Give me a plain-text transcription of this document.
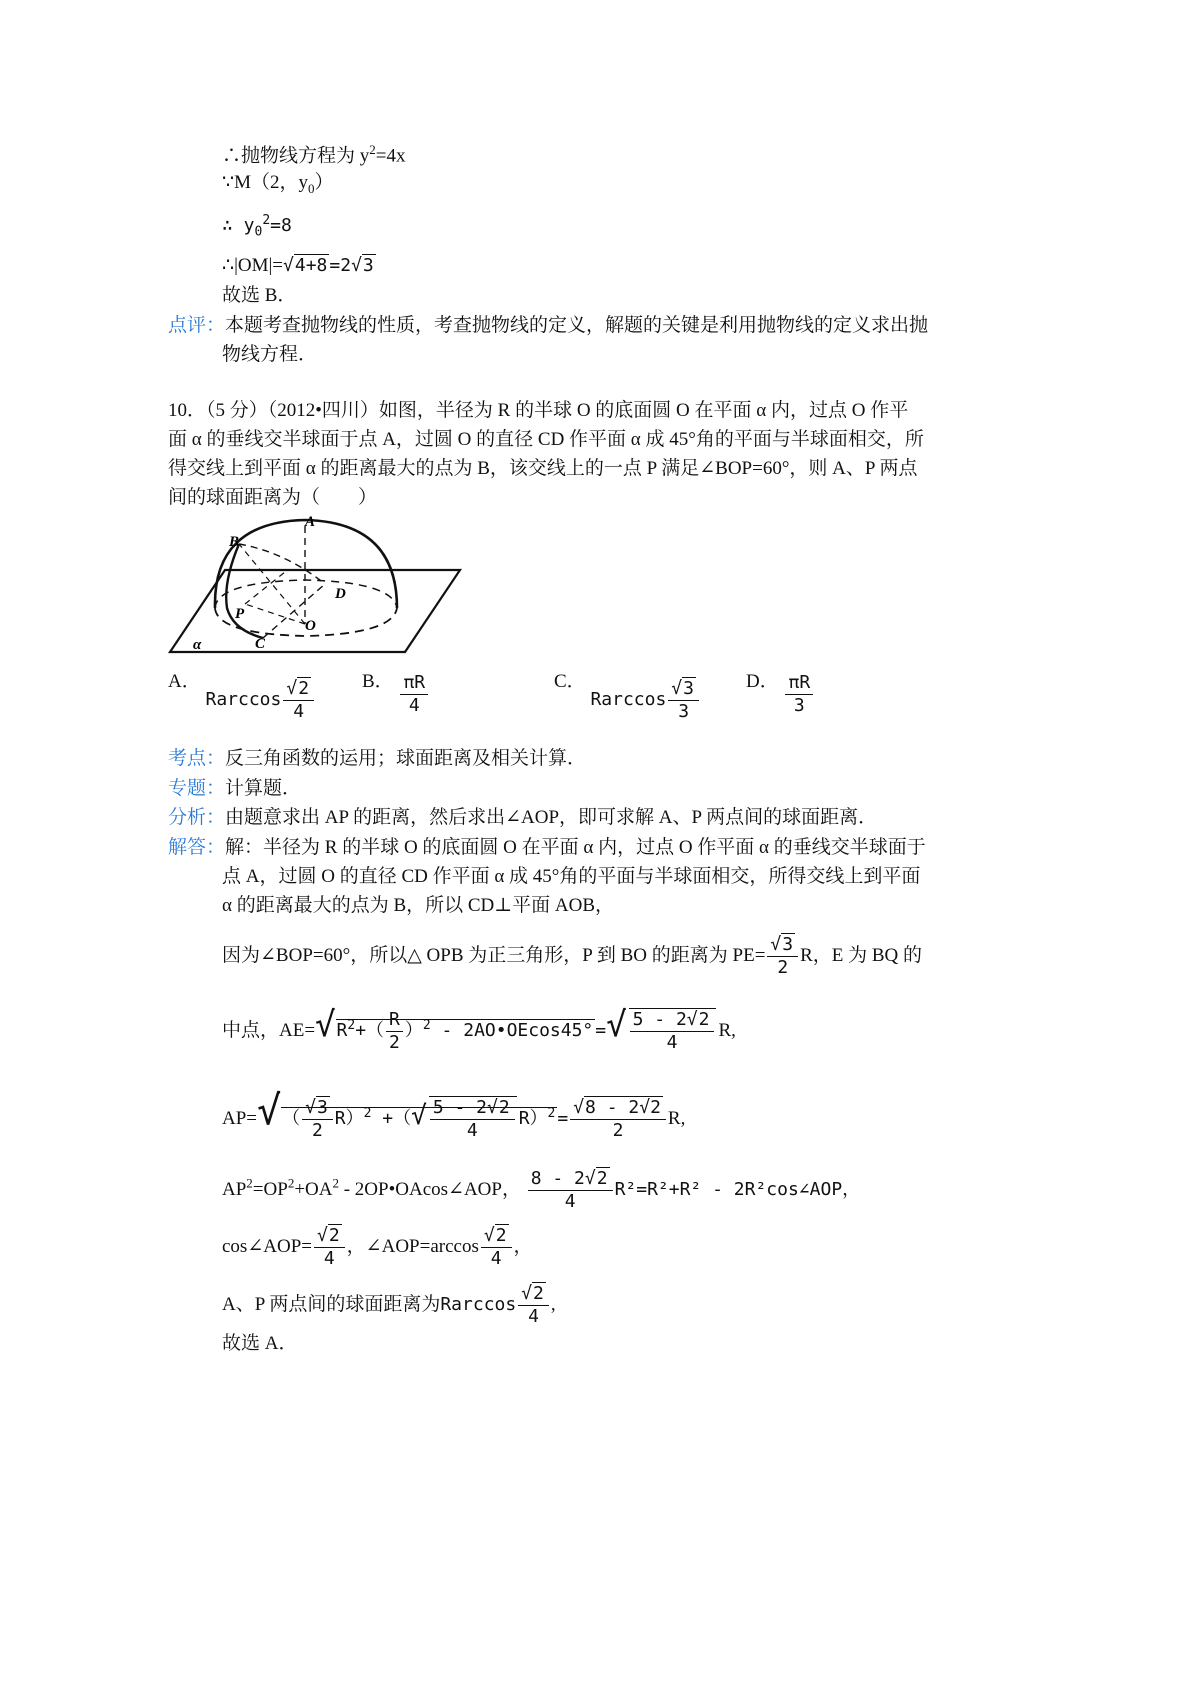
∴抛物线方程为 $y^2=4x$
∵M（2，$y_0$）
∴ $y_0^2=8$
∴|OM|=√4+8 =2√3
故选 B．
点评：本题考查抛物线的性质，考查抛物线的定义，解题的关键是利用抛物线的定义求出抛
物线方程．
10．（5 分）（2012•四川）如图，半径为 R 的半球 O 的底面圆 O 在平面 α 内，过点 O 作平
面 α 的垂线交半球面于点 A，过圆 O 的直径 CD 作平面 α 成 45°角的平面与半球面相交，所
得交线上到平面 α 的距离最大的点为 B，该交线上的一点 P 满足∠BOP=60°，则 A、P 两点
间的球面距离为（　　）
A
B
D
P
O
C
α
A． Rarccos $\frac{√2}{4}$	B． $\frac{\pi R}{4}$	C． Rarccos $\frac{√3}{3}$ D． $\frac{\pi R}{3}$
考点：反三角函数的运用；球面距离及相关计算．
专题：计算题．
分析：由题意求出 AP 的距离，然后求出∠AOP，即可求解 A、P 两点间的球面距离．
解答：解：半径为 R 的半球 O 的底面圆 O 在平面 α 内，过点 O 作平面 α 的垂线交半球面于
点 A，过圆 O 的直径 CD 作平面 α 成 45°角的平面与半球面相交，所得交线上到平面
α 的距离最大的点为 B，所以 CD⊥平面 AOB，
因为∠BOP=60°，所以△ OPB 为正三角形，P 到 BO 的距离为 $PE= \frac{√3}{2}$ R，E 为 BQ 的
中点，$AE=√R^2+( \frac{R}{2} )^2$ - 2AO•OEcos45° =√ $\frac{5 - 2√2}{4} R$,
$AP=√( \frac{√3}{2} R)^2$ +（√ $\frac{5 - 2√2}{4} R)^2 = \frac{√8 - 2√2}{2} R$,
$AP^2=OP^2+OA^2$ - 2OP•OAcos∠AOP， $\frac{8 - 2√2}{4} R^2=R^2+R^2$ - 2R²cos∠AOP，
cos∠AOP= $\frac{√2}{4}$ ，∠AOP=arccos $\frac{√2}{4}$ ，
A、P 两点间的球面距离为Rarccos $\frac{√2}{4}$ ,
故选 A．
